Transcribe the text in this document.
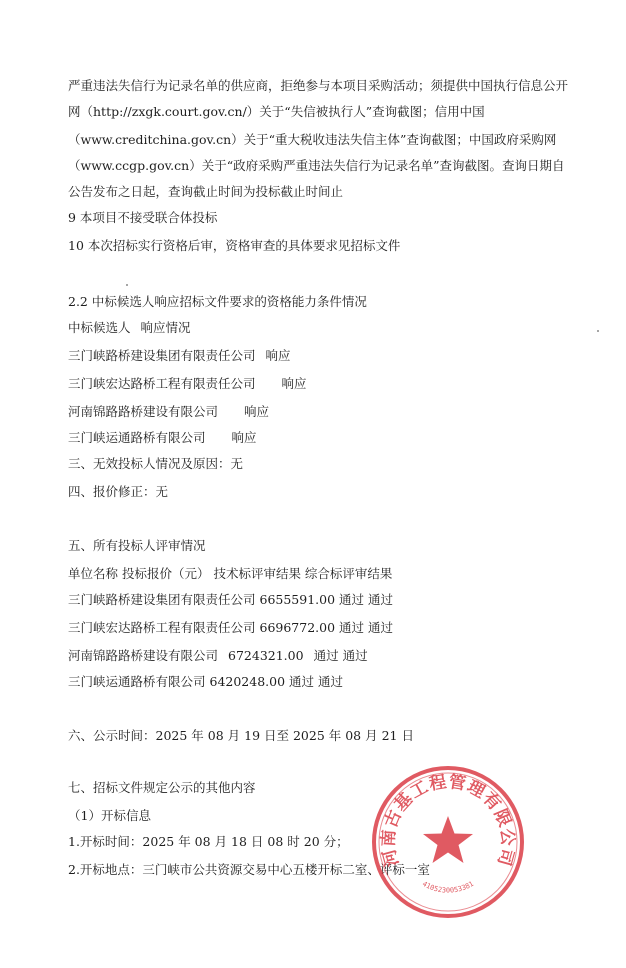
严重违法失信行为记录名单的供应商，拒绝参与本项目采购活动；须提供中国执行信息公开
网（http://zxgk.court.gov.cn/）关于“失信被执行人”查询截图；信用中国
（www.creditchina.gov.cn）关于“重大税收违法失信主体”查询截图；中国政府采购网
（www.ccgp.gov.cn）关于“政府采购严重违法失信行为记录名单”查询截图。查询日期自
公告发布之日起，查询截止时间为投标截止时间止
9 本项目不接受联合体投标
10 本次招标实行资格后审，资格审查的具体要求见招标文件
2.2 中标候选人响应招标文件要求的资格能力条件情况
中标候选人 响应情况
三门峡路桥建设集团有限责任公司 响应
三门峡宏达路桥工程有限责任公司 响应
河南锦路路桥建设有限公司 响应
三门峡运通路桥有限公司 响应
三、无效投标人情况及原因：无
四、报价修正：无
五、所有投标人评审情况
单位名称 投标报价（元） 技术标评审结果 综合标评审结果
三门峡路桥建设集团有限责任公司 6655591.00 通过 通过
三门峡宏达路桥工程有限责任公司 6696772.00 通过 通过
河南锦路路桥建设有限公司 6724321.00 通过 通过
三门峡运通路桥有限公司 6420248.00 通过 通过
六、公示时间：2025 年 08 月 19 日至 2025 年 08 月 21 日
七、招标文件规定公示的其他内容
（1）开标信息
1.开标时间：2025 年 08 月 18 日 08 时 20 分；
2.开标地点：三门峡市公共资源交易中心五楼开标二室、评标一室
河南古基工程管理有限公司
4105230053381
